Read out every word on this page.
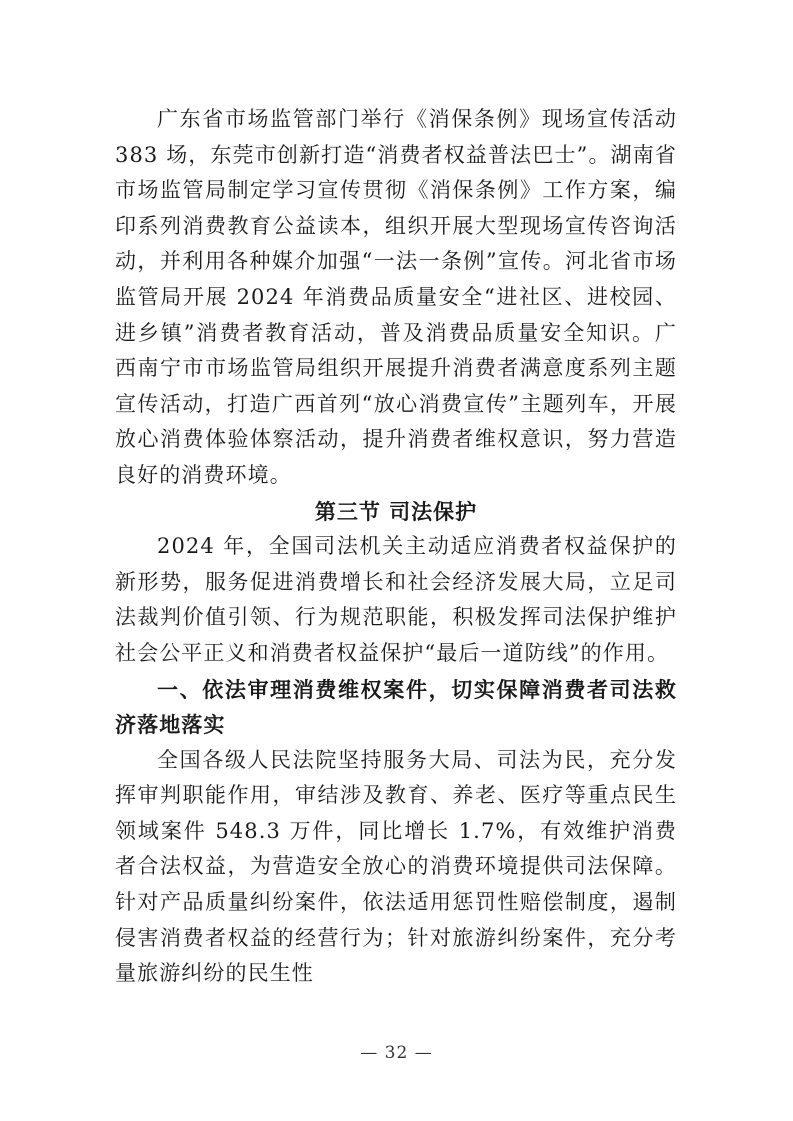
广东省市场监管部门举行《消保条例》现场宣传活动 383 场，东莞市创新打造“消费者权益普法巴士”。湖南省市场监管局制定学习宣传贯彻《消保条例》工作方案，编印系列消费教育公益读本，组织开展大型现场宣传咨询活动，并利用各种媒介加强“一法一条例”宣传。河北省市场监管局开展 2024 年消费品质量安全“进社区、进校园、进乡镇”消费者教育活动，普及消费品质量安全知识。广西南宁市市场监管局组织开展提升消费者满意度系列主题宣传活动，打造广西首列“放心消费宣传”主题列车，开展放心消费体验体察活动，提升消费者维权意识，努力营造良好的消费环境。

第三节 司法保护

2024 年，全国司法机关主动适应消费者权益保护的新形势，服务促进消费增长和社会经济发展大局，立足司法裁判价值引领、行为规范职能，积极发挥司法保护维护社会公平正义和消费者权益保护“最后一道防线”的作用。

一、依法审理消费维权案件，切实保障消费者司法救济落地落实

全国各级人民法院坚持服务大局、司法为民，充分发挥审判职能作用，审结涉及教育、养老、医疗等重点民生领域案件 548.3 万件，同比增长 1.7%，有效维护消费者合法权益，为营造安全放心的消费环境提供司法保障。针对产品质量纠纷案件，依法适用惩罚性赔偿制度，遏制侵害消费者权益的经营行为；针对旅游纠纷案件，充分考量旅游纠纷的民生性

— 32 —
